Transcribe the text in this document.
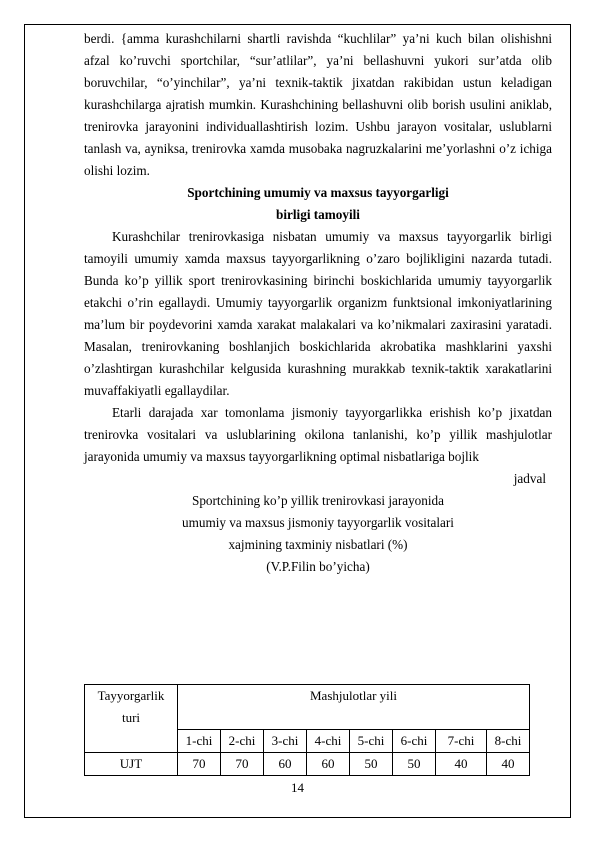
berdi. {amma kurashchilarni shartli ravishda “kuchlilar” ya’ni kuch bilan olishishni afzal ko’ruvchi sportchilar, “sur’atlilar”, ya’ni bellashuvni yukori sur’atda olib boruvchilar, “o’yinchilar”, ya’ni texnik-taktik jixatdan rakibidan ustun keladigan kurashchilarga ajratish mumkin. Kurashchining bellashuvni olib borish usulini aniklab, trenirovka jarayonini individuallashtirish lozim. Ushbu jarayon vositalar, uslublarni tanlash va, ayniksa, trenirovka xamda musobaka nagruzkalarini me’yorlashni o’z ichiga olishi lozim.

Sportchining umumiy va maxsus tayyorgarligi

birligi tamoyili

Kurashchilar trenirovkasiga nisbatan umumiy va maxsus tayyorgarlik birligi tamoyili umumiy xamda maxsus tayyorgarlikning o’zaro bojlikligini nazarda tutadi. Bunda ko’p yillik sport trenirovkasining birinchi boskichlarida umumiy tayyorgarlik etakchi o’rin egallaydi. Umumiy tayyorgarlik organizm funktsional imkoniyatlarining ma’lum bir poydevorini xamda xarakat malakalari va ko’nikmalari zaxirasini yaratadi. Masalan, trenirovkaning boshlanjich boskichlarida akrobatika mashklarini yaxshi o’zlashtirgan kurashchilar kelgusida kurashning murakkab texnik-taktik xarakatlarini muvaffakiyatli egallaydilar.

Etarli darajada xar tomonlama jismoniy tayyorgarlikka erishish ko’p jixatdan trenirovka vositalari va uslublarining okilona tanlanishi, ko’p yillik mashjulotlar jarayonida umumiy va maxsus tayyorgarlikning optimal nisbatlariga bojlik

jadval

Sportchining ko’p yillik trenirovkasi jarayonida

umumiy va maxsus jismoniy tayyorgarlik vositalari

xajmining taxminiy nisbatlari (%)

(V.P.Filin bo’yicha)

Tayyorgarlik
turi	Mashjulotlar yili							
	1-chi	2-chi	3-chi	4-chi	5-chi	6-chi	7-chi	8-chi
UJT	70	70	60	60	50	50	40	40
14
